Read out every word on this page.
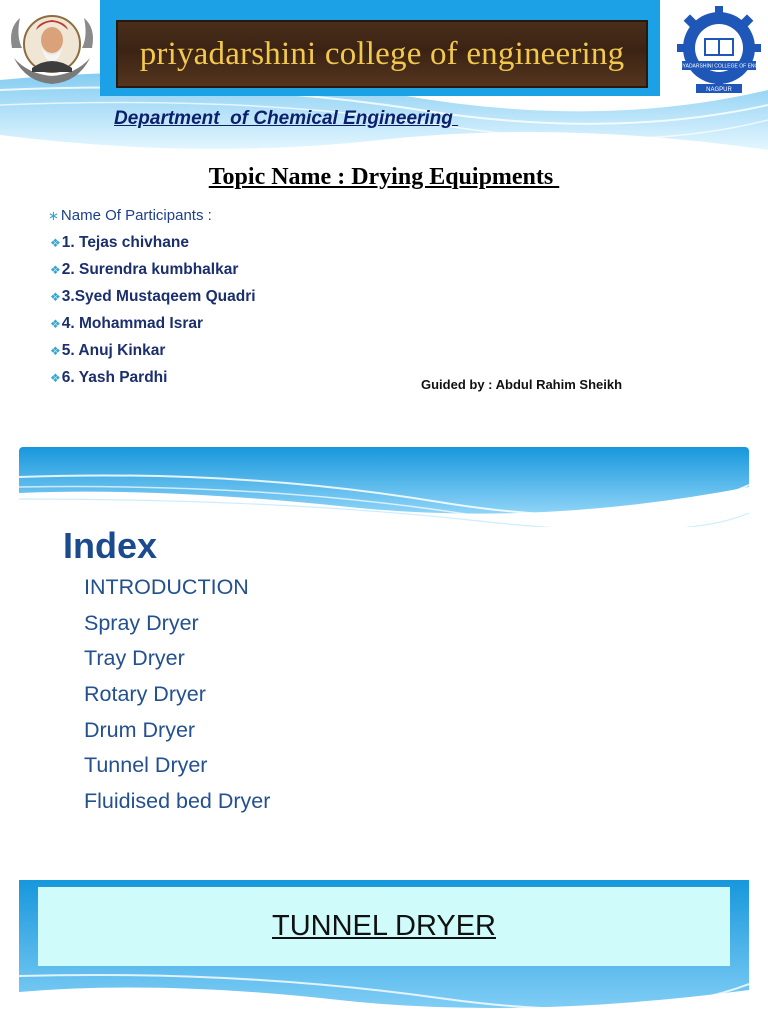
priyadarshini college of engineering	PRIYADARSHINI COLLEGE OF ENGG.
NAGPUR
Department  of Chemical Engineering
Topic Name : Drying Equipments
∗ Name Of Participants :
❖ 1. Tejas chivhane
❖ 2. Surendra kumbhalkar
❖ 3.Syed Mustaqeem Quadri
❖ 4. Mohammad Israr
❖ 5. Anuj Kinkar
❖ 6. Yash Pardhi	Guided by : Abdul Rahim Sheikh
Index
INTRODUCTION
Spray Dryer
Tray Dryer
Rotary Dryer
Drum Dryer
Tunnel Dryer
Fluidised bed Dryer
TUNNEL DRYER
